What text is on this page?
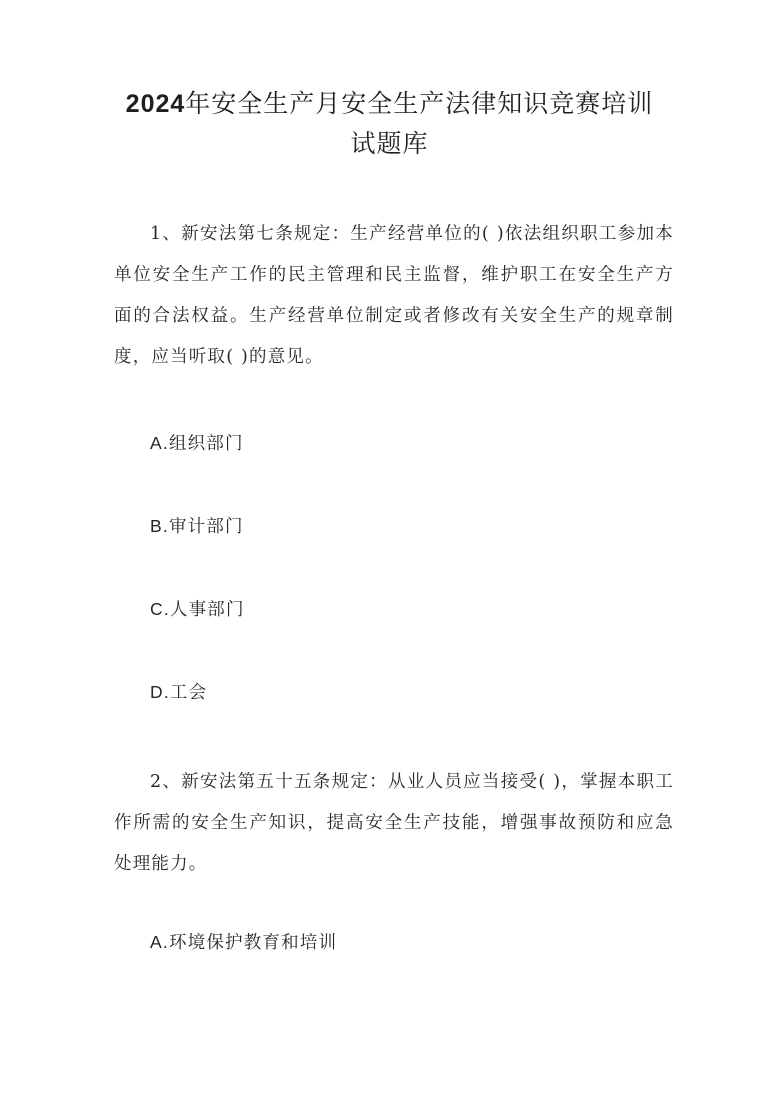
2024年安全生产月安全生产法律知识竞赛培训
试题库

1、新安法第七条规定：生产经营单位的( )依法组织职工参加本单位安全生产工作的民主管理和民主监督，维护职工在安全生产方面的合法权益。生产经营单位制定或者修改有关安全生产的规章制度，应当听取( )的意见。

A.组织部门

B.审计部门

C.人事部门

D.工会

2、新安法第五十五条规定：从业人员应当接受( )，掌握本职工作所需的安全生产知识，提高安全生产技能，增强事故预防和应急处理能力。

A.环境保护教育和培训
